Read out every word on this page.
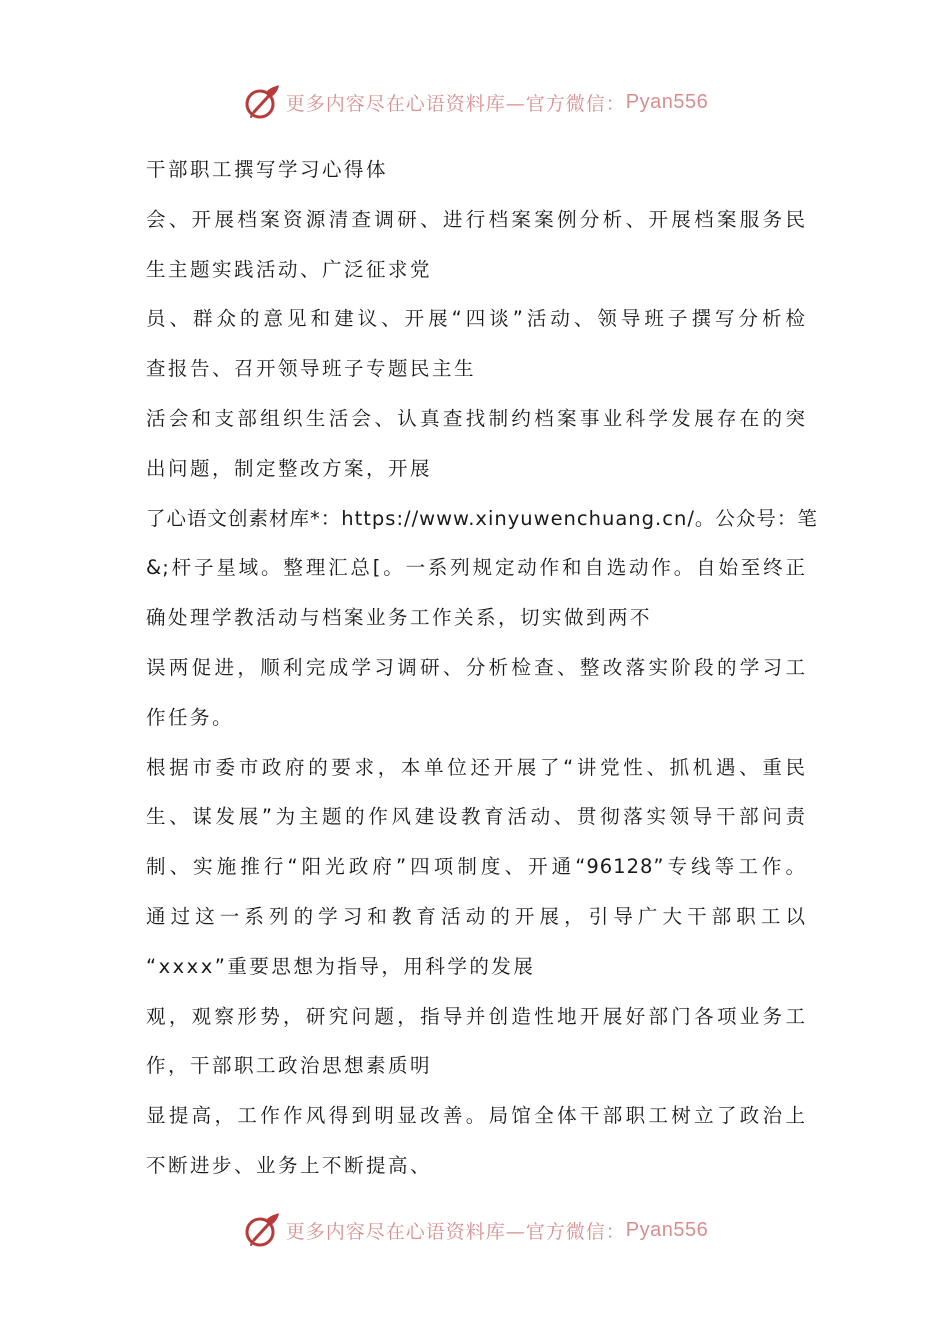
更多内容尽在心语资料库—官方微信： Pyan556
干部职工撰写学习心得体
会、开展档案资源清查调研、进行档案案例分析、开展档案服务民
生主题实践活动、广泛征求党
员、群众的意见和建议、开展“四谈”活动、领导班子撰写分析检
查报告、召开领导班子专题民主生
活会和支部组织生活会、认真查找制约档案事业科学发展存在的突
出问题，制定整改方案，开展
了心语文创素材库*：https://www.xinyuwenchuang.cn/。公众号：笔
&;杆子星域。整理汇总[。一系列规定动作和自选动作。自始至终正
确处理学教活动与档案业务工作关系，切实做到两不
误两促进，顺利完成学习调研、分析检查、整改落实阶段的学习工
作任务。
根据市委市政府的要求，本单位还开展了“讲党性、抓机遇、重民
生、谋发展”为主题的作风建设教育活动、贯彻落实领导干部问责
制、实施推行“阳光政府”四项制度、开通“96128”专线等工作。
通过这一系列的学习和教育活动的开展，引导广大干部职工以
“xxxx”重要思想为指导，用科学的发展
观，观察形势，研究问题，指导并创造性地开展好部门各项业务工
作，干部职工政治思想素质明
显提高，工作作风得到明显改善。局馆全体干部职工树立了政治上
不断进步、业务上不断提高、
更多内容尽在心语资料库—官方微信： Pyan556
